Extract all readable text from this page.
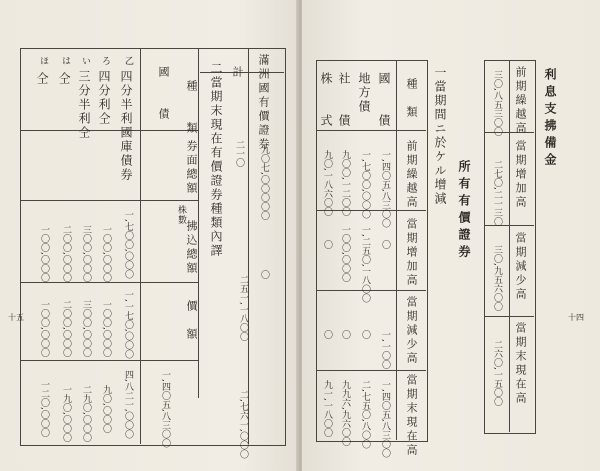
滿洲國有價證券
計
九〇七,〇〇〇〇〇
二一〇
二五一,一八〇〇
〇
二,七六一,〇〇〇
二當期末現在有價證券種類內譯
種　　類
券面總額
株數
拂込總額
價　額
國　　債
乙
四分半利國庫債券
一,七〇〇,〇〇〇
一,一七〇,〇〇〇
四,八二一,〇〇〇
ろ
四分利仝
一〇〇,〇〇〇
一〇〇,〇〇〇
九〇,〇〇〇
い
三分半利仝
三〇〇,〇〇〇
三〇〇,〇〇〇
二九〇,〇〇〇
は
仝
二〇〇,〇〇〇
二〇〇,〇〇〇
一九〇,〇〇〇
ほ
仝
一〇〇,〇〇〇
一〇〇,〇〇〇
一二〇,〇〇〇	一,四〇五,八三〇〇
十五
利息支拂備金
前期繰越高
當期增加高
當期減少高
當期末現在高
三〇,八五三〇〇
二七〇,二一三〇
三〇,九五六〇〇
二六〇,一五〇〇
所有有價證券
一當期間ニ於ケル增減
種　類
前期繰越高
當期增加高
當期減少高
當期末現在高
國　　債
一,四〇五,八三〇〇
〇
一,一〇〇
一,四〇五,八三〇〇
地方債
一,七〇〇,〇〇〇
一,二五〇,一八〇〇
〇
二,七五〇,八〇〇
社　　債
九〇〇,一二〇〇
一〇〇,〇〇〇
〇
九九六,九六〇〇
株　　式
九〇,一八六〇〇
〇
〇
九一,一八〇〇
十四
